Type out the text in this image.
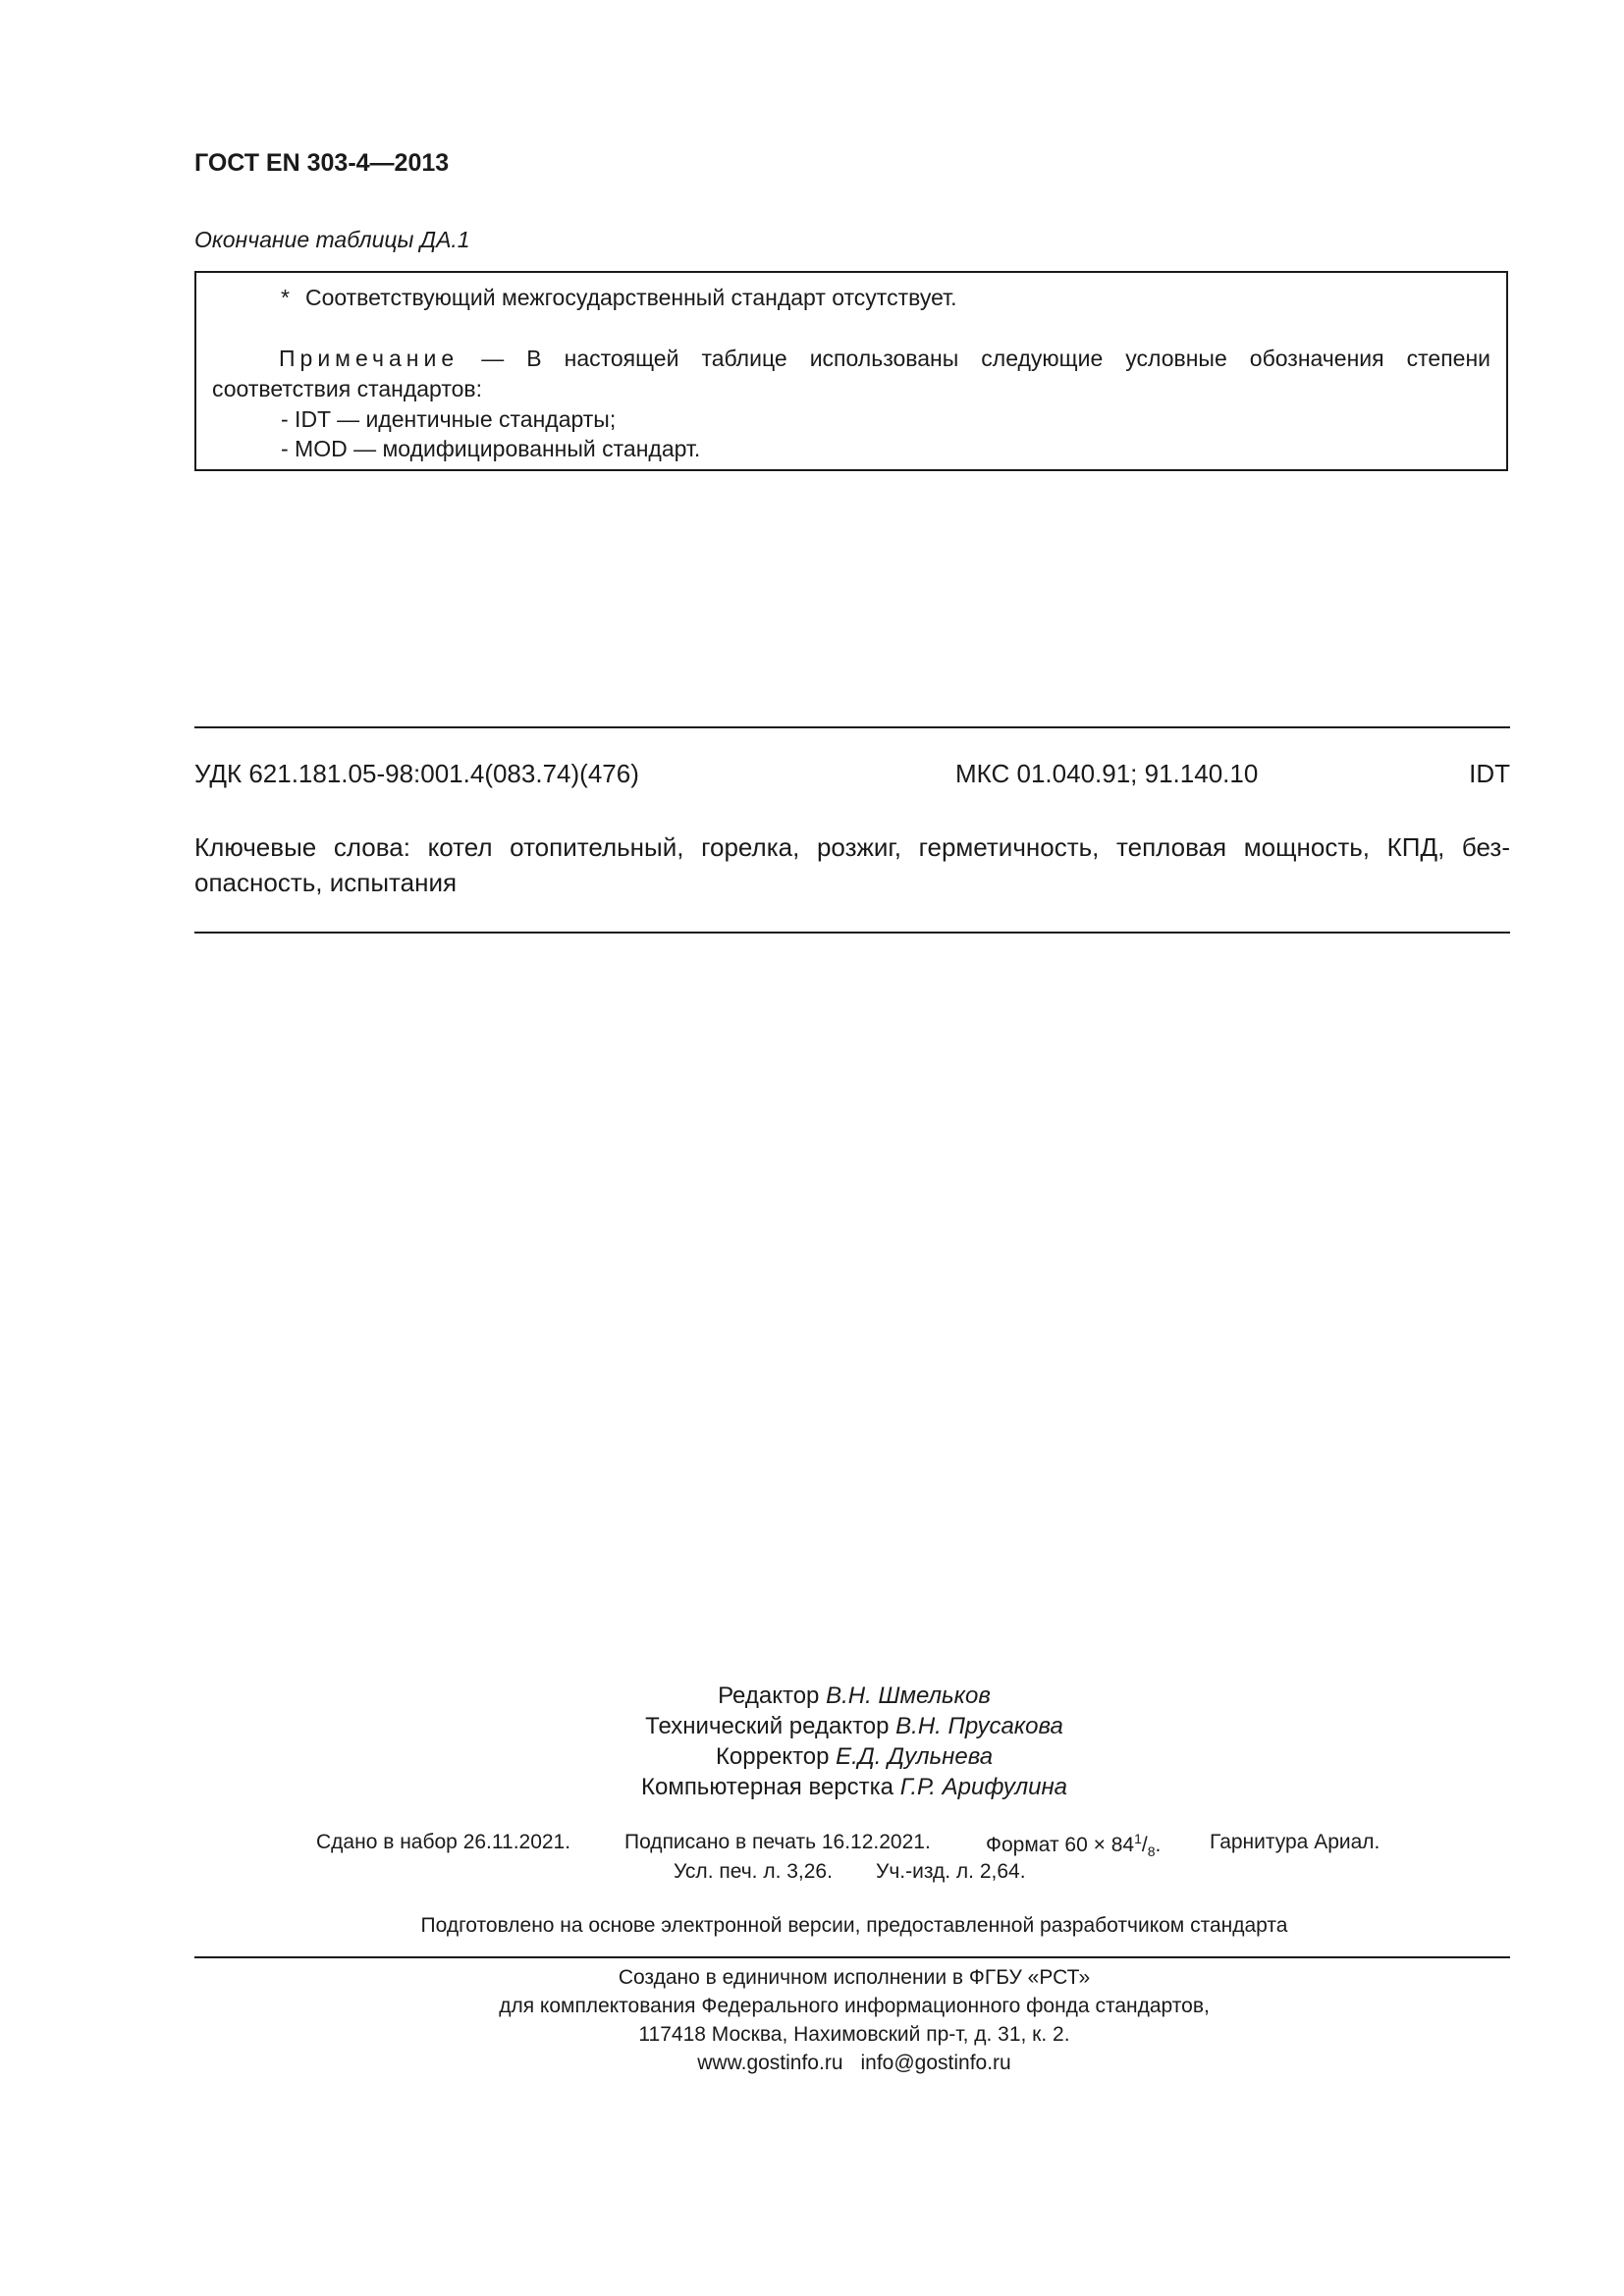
ГОСТ EN 303-4—2013
Окончание таблицы ДА.1
* Соответствующий межгосударственный стандарт отсутствует.
Примечание — В настоящей таблице использованы следующие условные обозначения степени
соответствия стандартов:
- IDT — идентичные стандарты;
- MOD — модифицированный стандарт.
УДК 621.181.05-98:001.4(083.74)(476)	МКС 01.040.91; 91.140.10	IDT
Ключевые слова: котел отопительный, горелка, розжиг, герметичность, тепловая мощность, КПД, без-
опасность, испытания
Редактор В.Н. Шмельков
Технический редактор В.Н. Прусакова
Корректор Е.Д. Дульнева
Компьютерная верстка Г.Р. Арифулина
Сдано в набор 26.11.2021.	Подписано в печать 16.12.2021.	Формат $60 \times 84^1/_8$. Гарнитура Ариал.
Усл. печ. л. 3,26. Уч.-изд. л. 2,64.
Подготовлено на основе электронной версии, предоставленной разработчиком стандарта
Создано в единичном исполнении в ФГБУ «РСТ»
для комплектования Федерального информационного фонда стандартов,
117418 Москва, Нахимовский пр-т, д. 31, к. 2.
www.gostinfo.ru info@gostinfo.ru
